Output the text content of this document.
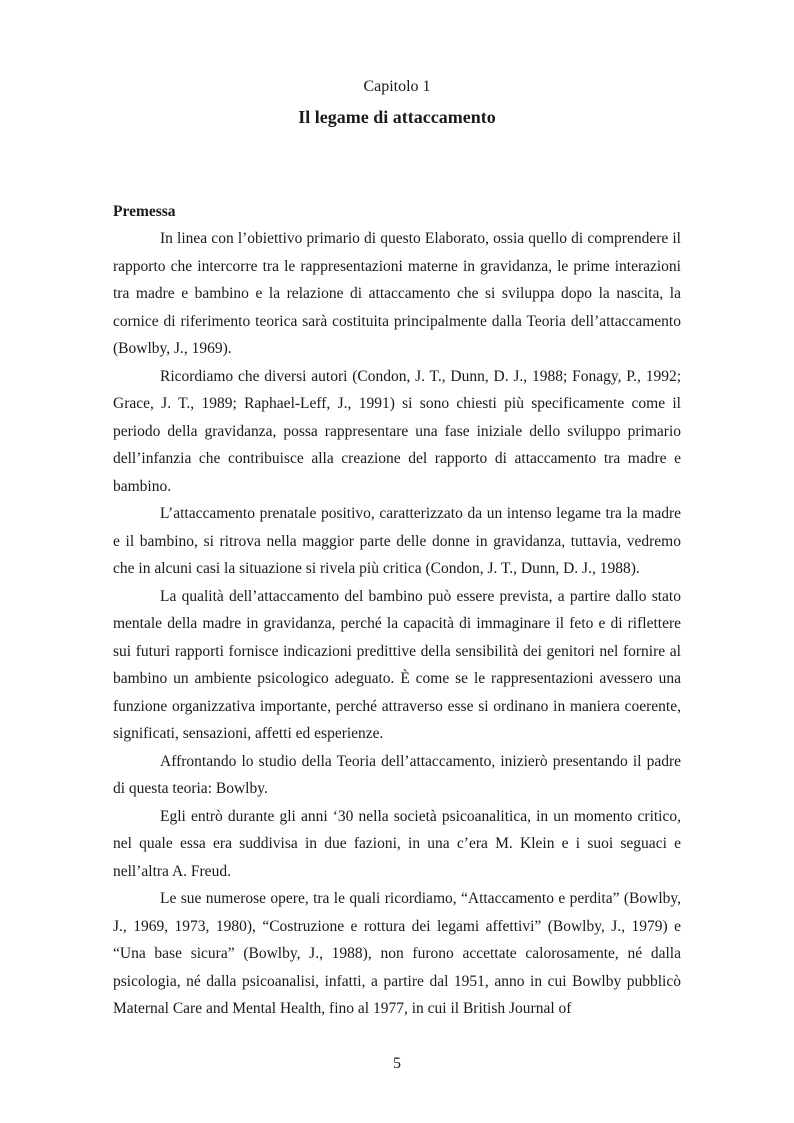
Capitolo 1
Il legame di attaccamento

Premessa

In linea con l’obiettivo primario di questo Elaborato, ossia quello di comprendere il rapporto che intercorre tra le rappresentazioni materne in gravidanza, le prime interazioni tra madre e bambino e la relazione di attaccamento che si sviluppa dopo la nascita, la cornice di riferimento teorica sarà costituita principalmente dalla Teoria dell’attaccamento (Bowlby, J., 1969).

Ricordiamo che diversi autori (Condon, J. T., Dunn, D. J., 1988; Fonagy, P., 1992; Grace, J. T., 1989; Raphael-Leff, J., 1991) si sono chiesti più specificamente come il periodo della gravidanza, possa rappresentare una fase iniziale dello sviluppo primario dell’infanzia che contribuisce alla creazione del rapporto di attaccamento tra madre e bambino.

L’attaccamento prenatale positivo, caratterizzato da un intenso legame tra la madre e il bambino, si ritrova nella maggior parte delle donne in gravidanza, tuttavia, vedremo che in alcuni casi la situazione si rivela più critica (Condon, J. T., Dunn, D. J., 1988).

La qualità dell’attaccamento del bambino può essere prevista, a partire dallo stato mentale della madre in gravidanza, perché la capacità di immaginare il feto e di riflettere sui futuri rapporti fornisce indicazioni predittive della sensibilità dei genitori nel fornire al bambino un ambiente psicologico adeguato. È come se le rappresentazioni avessero una funzione organizzativa importante, perché attraverso esse si ordinano in maniera coerente, significati, sensazioni, affetti ed esperienze.

Affrontando lo studio della Teoria dell’attaccamento, inizierò presentando il padre di questa teoria: Bowlby.

Egli entrò durante gli anni ‘30 nella società psicoanalitica, in un momento critico, nel quale essa era suddivisa in due fazioni, in una c’era M. Klein e i suoi seguaci e nell’altra A. Freud.

Le sue numerose opere, tra le quali ricordiamo, “Attaccamento e perdita” (Bowlby, J., 1969, 1973, 1980), “Costruzione e rottura dei legami affettivi” (Bowlby, J., 1979) e “Una base sicura” (Bowlby, J., 1988), non furono accettate calorosamente, né dalla psicologia, né dalla psicoanalisi, infatti, a partire dal 1951, anno in cui Bowlby pubblicò Maternal Care and Mental Health, fino al 1977, in cui il British Journal of

5
